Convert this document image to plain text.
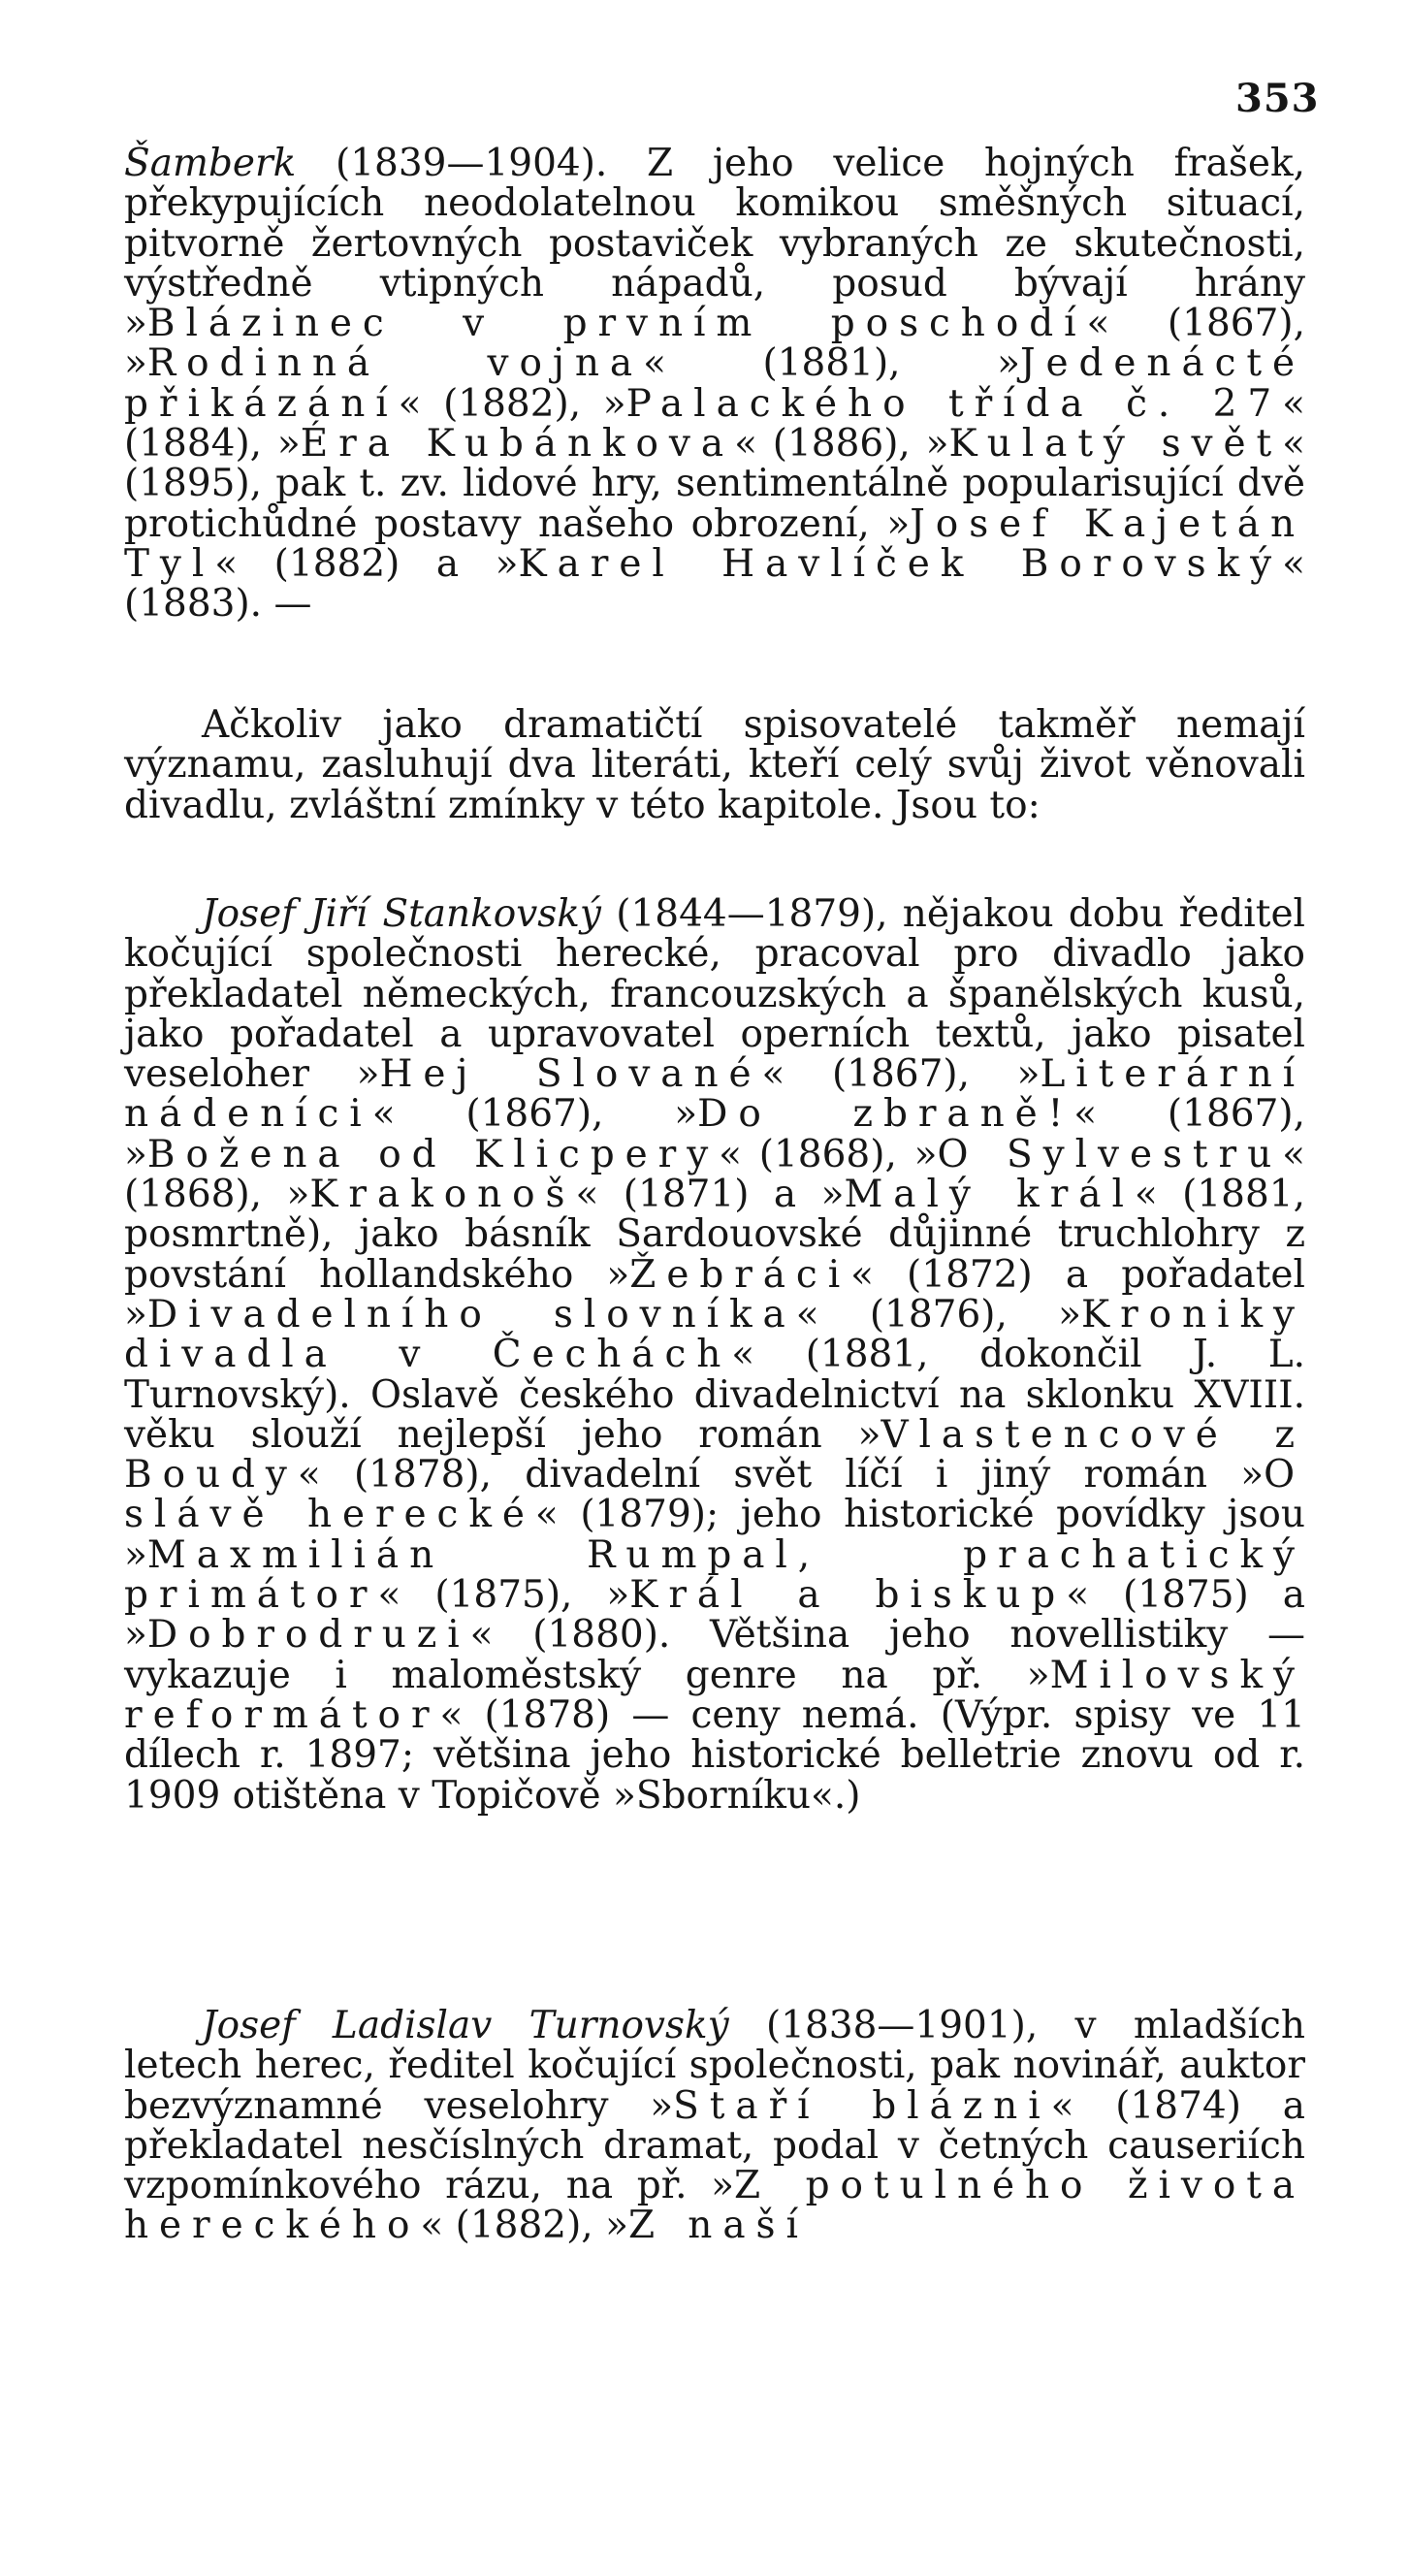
353

Šamberk (1839—1904). Z jeho velice hojných frašek, překypujících neodolatelnou komikou směšných situací, pitvorně žertovných postaviček vybraných ze skutečnosti, výstředně vtipných nápadů, posud bývají hrány »Blázinec v prvním poschodí« (1867), »Rodinná vojna« (1881), »Jedenácté přikázání« (1882), »Palackého třída č. 27« (1884), »Éra Kubánkova« (1886), »Kulatý svět« (1895), pak t. zv. lidové hry, sentimentálně popularisující dvě protichůdné postavy našeho obrození, »Josef Kajetán Tyl« (1882) a »Karel Havlíček Borovský« (1883). —

Ačkoliv jako dramatičtí spisovatelé takměř nemají významu, zasluhují dva literáti, kteří celý svůj život věnovali divadlu, zvláštní zmínky v této kapitole. Jsou to:

Josef Jiří Stankovský (1844—1879), nějakou dobu ředitel kočující společnosti herecké, pracoval pro divadlo jako překladatel německých, francouzských a španělských kusů, jako pořadatel a upravovatel operních textů, jako pisatel veseloher »Hej Slované« (1867), »Literární nádeníci« (1867), »Do zbraně!« (1867), »Božena od Klicpery« (1868), »O Sylvestru« (1868), »Krakonoš« (1871) a »Malý král« (1881, posmrtně), jako básník Sardouovské důjinné truchlohry z povstání hollandského »Žebráci« (1872) a pořadatel »Divadelního slovníka« (1876), »Kroniky divadla v Čechách« (1881, dokončil J. L. Turnovský). Oslavě českého divadelnictví na sklonku XVIII. věku slouží nejlepší jeho román »Vlastencové z Boudy« (1878), divadelní svět líčí i jiný román »O slávě herecké« (1879); jeho historické povídky jsou »Maxmilián Rumpal, prachatický primátor« (1875), »Král a biskup« (1875) a »Dobrodruzi« (1880). Většina jeho novellistiky — vykazuje i maloměstský genre na př. »Milovský reformátor« (1878) — ceny nemá. (Výpr. spisy ve 11 dílech r. 1897; většina jeho historické belletrie znovu od r. 1909 otištěna v Topičově »Sborníku«.)

Josef Ladislav Turnovský (1838—1901), v mladších letech herec, ředitel kočující společnosti, pak novinář, auktor bezvýznamné veselohry »Staří blázni« (1874) a překladatel nesčíslných dramat, podal v četných causeriích vzpomínkového rázu, na př. »Z potulného života hereckého« (1882), »Z naší
